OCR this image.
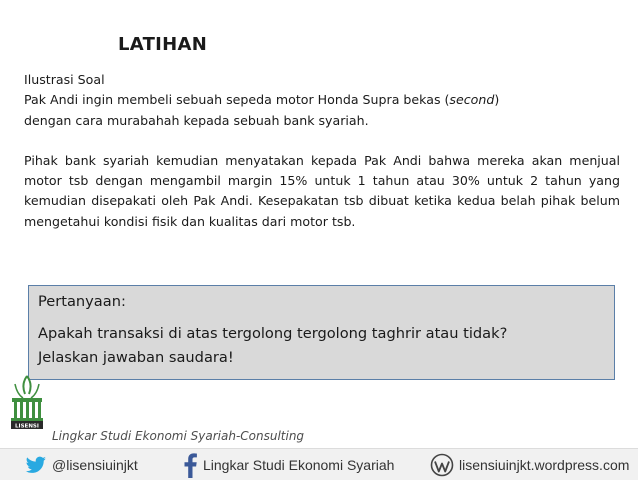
LATIHAN
Ilustrasi Soal

Pak Andi ingin membeli sebuah sepeda motor Honda Supra bekas (second)

dengan cara murabahah kepada sebuah bank syariah.

Pihak bank syariah kemudian menyatakan kepada Pak Andi bahwa mereka akan menjual motor tsb dengan mengambil margin 15% untuk 1 tahun atau 30% untuk 2 tahun yang kemudian disepakati oleh Pak Andi. Kesepakatan tsb dibuat ketika kedua belah pihak belum mengetahui kondisi fisik dan kualitas dari motor tsb.

Pertanyaan:
Apakah transaksi di atas tergolong tergolong taghrir atau tidak?
Jelaskan jawaban saudara!
LISENSI
Lingkar Studi Ekonomi Syariah-Consulting
@lisensiuinjkt	Lingkar Studi Ekonomi Syariah	lisensiuinjkt.wordpress.com
